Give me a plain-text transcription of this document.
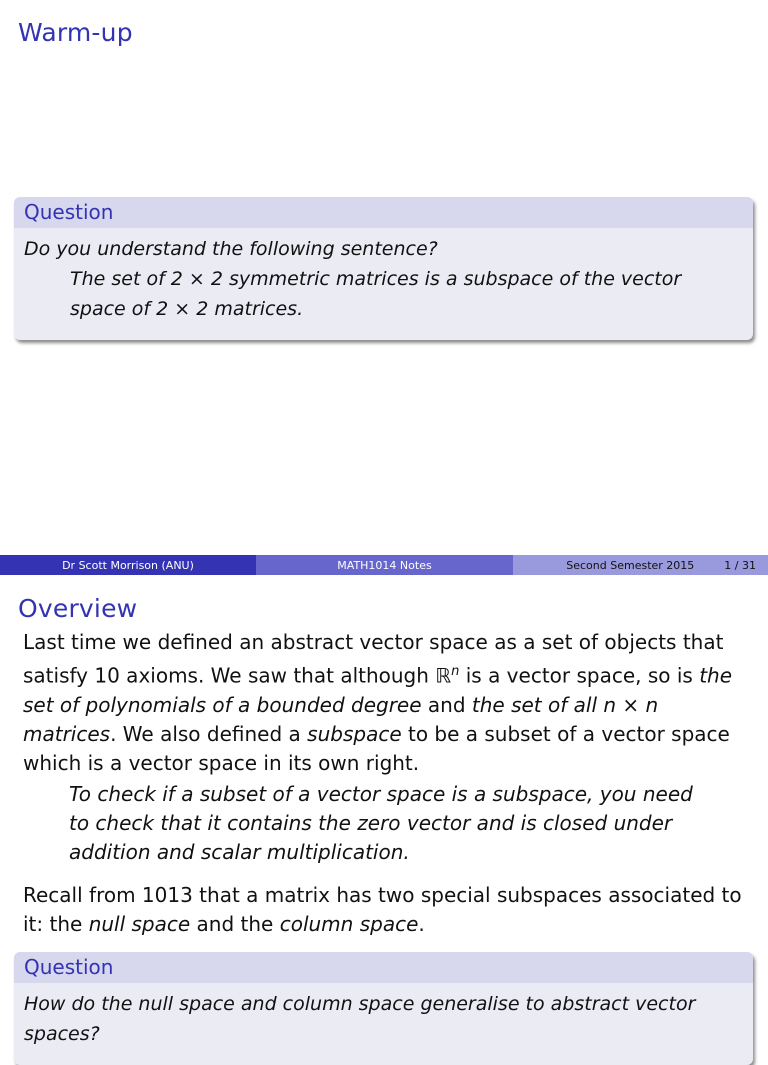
Warm-up
Question
Do you understand the following sentence?
The set of 2 × 2 symmetric matrices is a subspace of the vector
space of 2 × 2 matrices.
Dr Scott Morrison (ANU)	MATH1014 Notes	Second Semester 2015	1 / 31
Overview
Last time we defined an abstract vector space as a set of objects that satisfy 10 axioms. We saw that although ℝ$^n$ is a vector space, so is the set of polynomials of a bounded degree and the set of all n × n matrices. We also defined a subspace to be a subset of a vector space which is a vector space in its own right.
To check if a subset of a vector space is a subspace, you need to check that it contains the zero vector and is closed under addition and scalar multiplication.
Recall from 1013 that a matrix has two special subspaces associated to it: the null space and the column space.
Question
How do the null space and column space generalise to abstract vector spaces?
